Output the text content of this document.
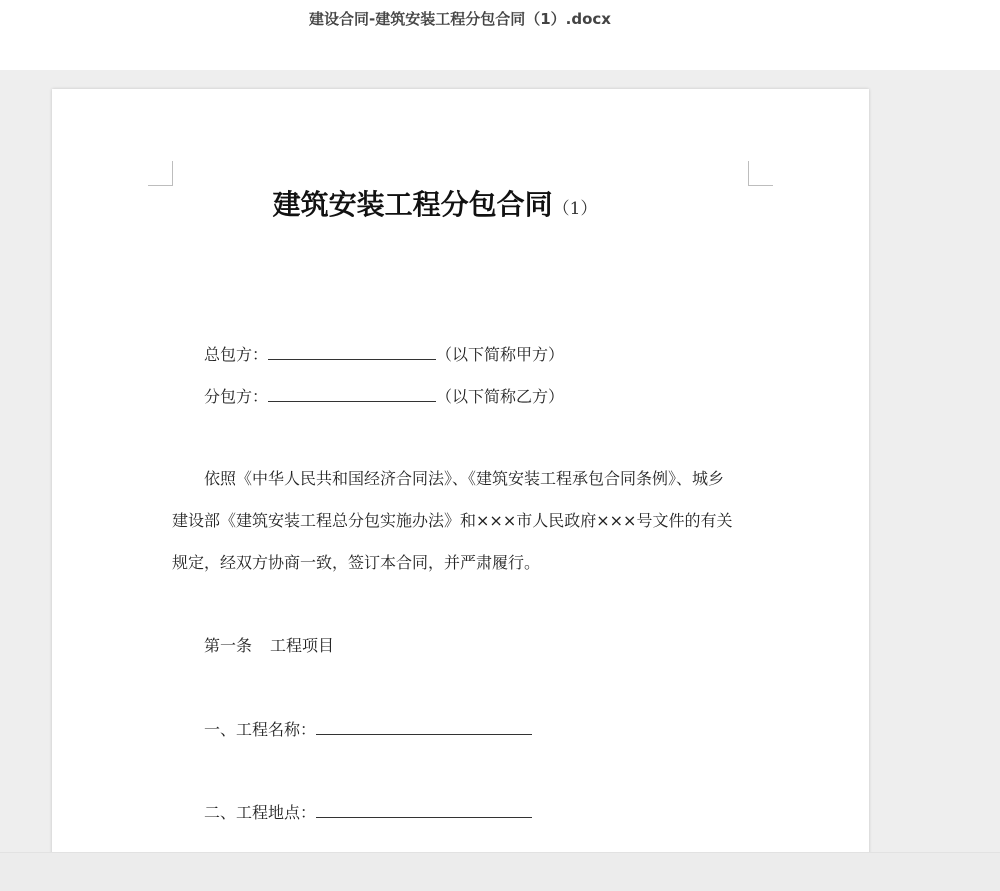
建设合同-建筑安装工程分包合同（1）.docx
建筑安装工程分包合同（1）
总包方：	（以下简称甲方）
分包方：	（以下简称乙方）
依照《中华人民共和国经济合同法》、《建筑安装工程承包合同条例》、城乡
建设部《建筑安装工程总分包实施办法》和×××市人民政府×××号文件的有关
规定，经双方协商一致，签订本合同，并严肃履行。
第一条 工程项目
一、工程名称：
二、工程地点：
